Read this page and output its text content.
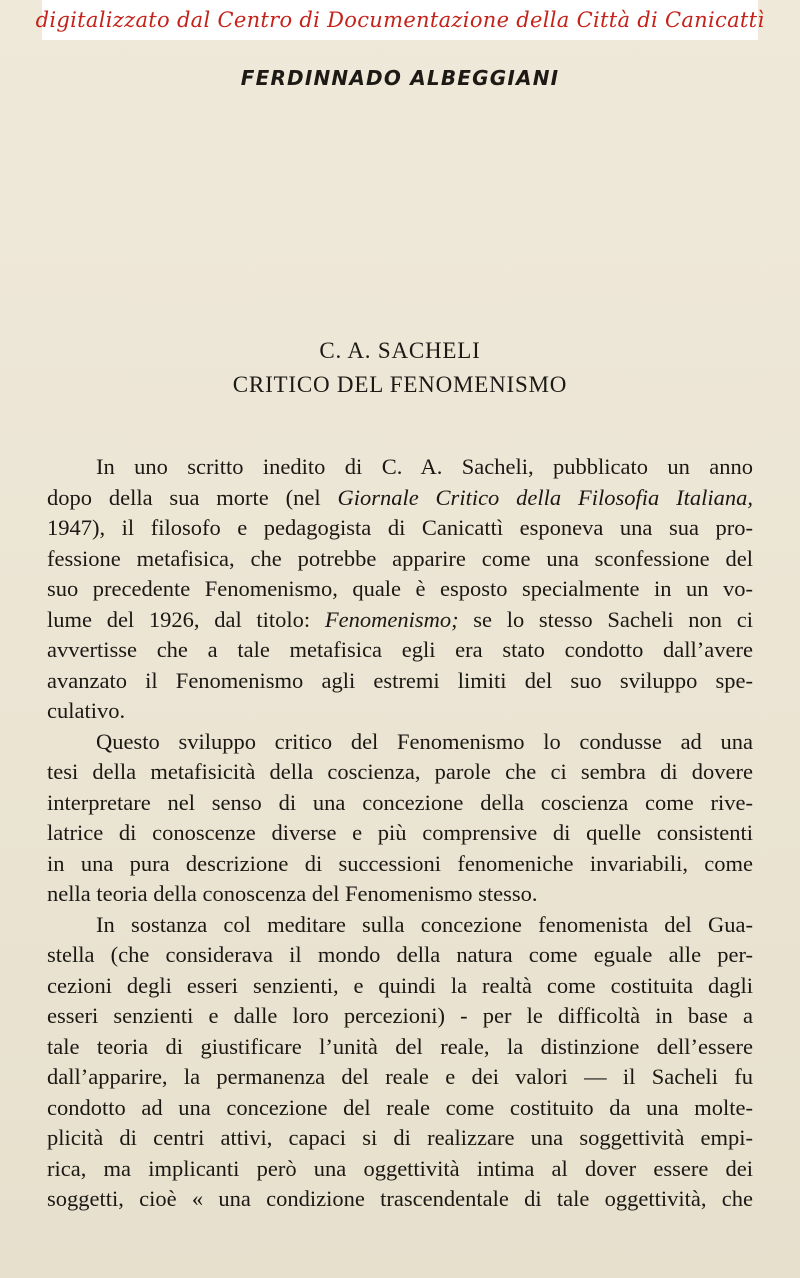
digitalizzato dal Centro di Documentazione della Città di Canicattì
FERDINNADO ALBEGGIANI
C. A. SACHELI
CRITICO DEL FENOMENISMO
In uno scritto inedito di C. A. Sacheli, pubblicato un anno
dopo della sua morte (nel Giornale Critico della Filosofia Italiana,
1947), il filosofo e pedagogista di Canicattì esponeva una sua pro-
fessione metafisica, che potrebbe apparire come una sconfessione del
suo precedente Fenomenismo, quale è esposto specialmente in un vo-
lume del 1926, dal titolo: Fenomenismo; se lo stesso Sacheli non ci
avvertisse che a tale metafisica egli era stato condotto dall’avere
avanzato il Fenomenismo agli estremi limiti del suo sviluppo spe-
culativo.
Questo sviluppo critico del Fenomenismo lo condusse ad una
tesi della metafisicità della coscienza, parole che ci sembra di dovere
interpretare nel senso di una concezione della coscienza come rive-
latrice di conoscenze diverse e più comprensive di quelle consistenti
in una pura descrizione di successioni fenomeniche invariabili, come
nella teoria della conoscenza del Fenomenismo stesso.
In sostanza col meditare sulla concezione fenomenista del Gua-
stella (che considerava il mondo della natura come eguale alle per-
cezioni degli esseri senzienti, e quindi la realtà come costituita dagli
esseri senzienti e dalle loro percezioni) - per le difficoltà in base a
tale teoria di giustificare l’unità del reale, la distinzione dell’essere
dall’apparire, la permanenza del reale e dei valori — il Sacheli fu
condotto ad una concezione del reale come costituito da una molte-
plicità di centri attivi, capaci si di realizzare una soggettività empi-
rica, ma implicanti però una oggettività intima al dover essere dei
soggetti, cioè « una condizione trascendentale di tale oggettività, che
